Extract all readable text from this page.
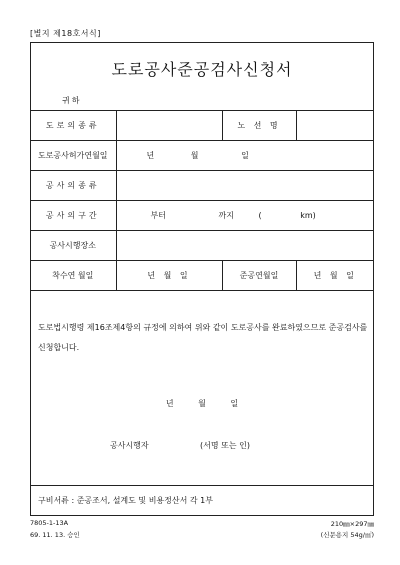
[별지 제18호서식]
도로공사준공검사신청서
귀하
도로의종류		노 선 명	
도로공사허가연월일	년 월 일		
공사의종류			
공사의구간	부터 까지 ( km)		
공사시행장소			
착수연 월일	년 월 일	준공연월일	년 월 일
도로법시행령 제16조제4항의 규정에 의하여 위와 같이 도로공사를 완료하였으므로 준공검사를 신청합니다.
년	월	일
공사시행자	(서명 또는 인)
구비서류 : 준공조서, 설계도 및 비용정산서 각 1부
7805-1-13A
69. 11. 13. 승인
210㎜×297㎜
(신문용지 54g/㎡)
